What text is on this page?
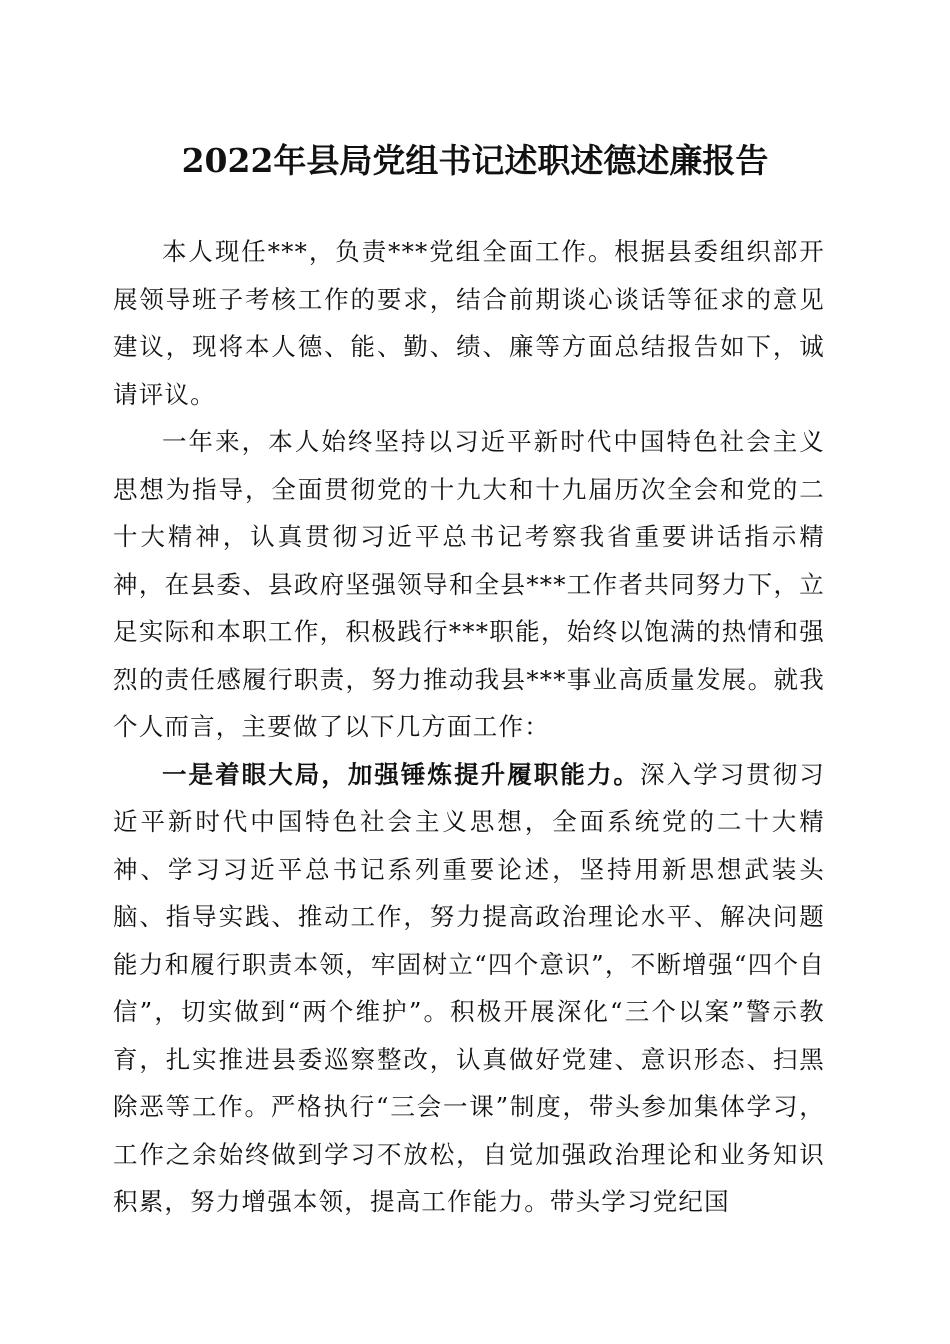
2022年县局党组书记述职述德述廉报告

本人现任***，负责***党组全面工作。根据县委组织部开展领导班子考核工作的要求，结合前期谈心谈话等征求的意见建议，现将本人德、能、勤、绩、廉等方面总结报告如下，诚请评议。

一年来，本人始终坚持以习近平新时代中国特色社会主义思想为指导，全面贯彻党的十九大和十九届历次全会和党的二十大精神，认真贯彻习近平总书记考察我省重要讲话指示精神，在县委、县政府坚强领导和全县***工作者共同努力下，立足实际和本职工作，积极践行***职能，始终以饱满的热情和强烈的责任感履行职责，努力推动我县***事业高质量发展。就我个人而言，主要做了以下几方面工作：

一是着眼大局，加强锤炼提升履职能力。深入学习贯彻习近平新时代中国特色社会主义思想，全面系统党的二十大精神、学习习近平总书记系列重要论述，坚持用新思想武装头脑、指导实践、推动工作，努力提高政治理论水平、解决问题能力和履行职责本领，牢固树立“四个意识”，不断增强“四个自信”，切实做到“两个维护”。积极开展深化“三个以案”警示教育，扎实推进县委巡察整改，认真做好党建、意识形态、扫黑除恶等工作。严格执行“三会一课”制度，带头参加集体学习，工作之余始终做到学习不放松，自觉加强政治理论和业务知识积累，努力增强本领，提高工作能力。带头学习党纪国
